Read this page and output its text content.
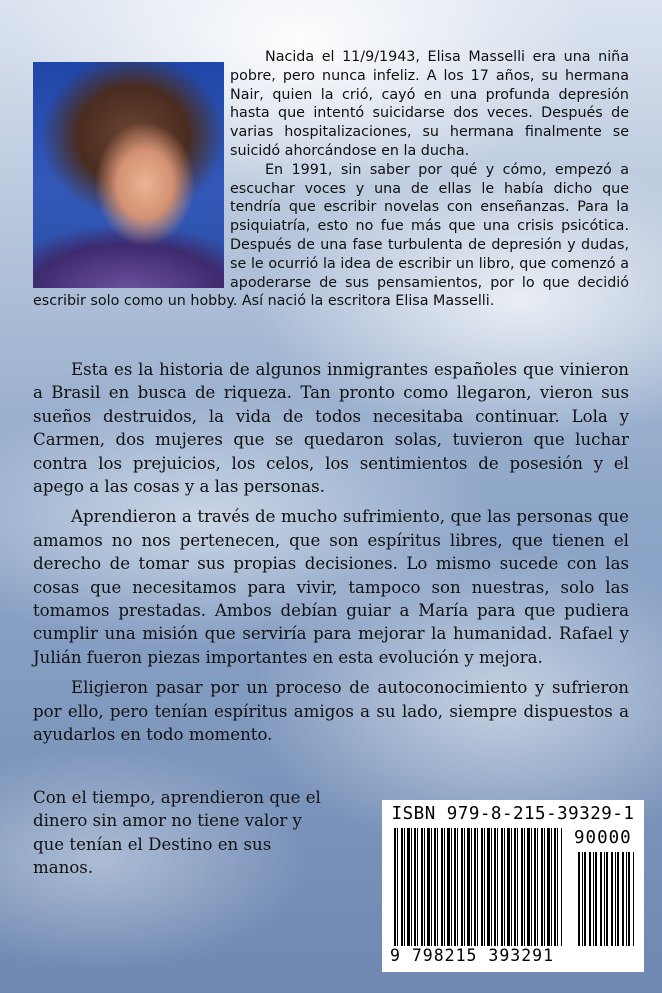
Nacida el 11/9/1943, Elisa Masselli era una niña pobre, pero nunca infeliz. A los 17 años, su hermana Nair, quien la crió, cayó en una profunda depresión hasta que intentó suicidarse dos veces. Después de varias hospitalizaciones, su hermana finalmente se suicidó ahorcándose en la ducha.

En 1991, sin saber por qué y cómo, empezó a escuchar voces y una de ellas le había dicho que tendría que escribir novelas con enseñanzas. Para la psiquiatría, esto no fue más que una crisis psicótica. Después de una fase turbulenta de depresión y dudas, se le ocurrió la idea de escribir un libro, que comenzó a apoderarse de sus pensamientos, por lo que decidió escribir solo como un hobby. Así nació la escritora Elisa Masselli.

Esta es la historia de algunos inmigrantes españoles que vinieron a Brasil en busca de riqueza. Tan pronto como llegaron, vieron sus sueños destruidos, la vida de todos necesitaba continuar. Lola y Carmen, dos mujeres que se quedaron solas, tuvieron que luchar contra los prejuicios, los celos, los sentimientos de posesión y el apego a las cosas y a las personas.

Aprendieron a través de mucho sufrimiento, que las personas que amamos no nos pertenecen, que son espíritus libres, que tienen el derecho de tomar sus propias decisiones. Lo mismo sucede con las cosas que necesitamos para vivir, tampoco son nuestras, solo las tomamos prestadas. Ambos debían guiar a María para que pudiera cumplir una misión que serviría para mejorar la humanidad. Rafael y Julián fueron piezas importantes en esta evolución y mejora.

Eligieron pasar por un proceso de autoconocimiento y sufrieron por ello, pero tenían espíritus amigos a su lado, siempre dispuestos a ayudarlos en todo momento.

Con el tiempo, aprendieron que el dinero sin amor no tiene valor y que tenían el Destino en sus manos.
ISBN 979-8-215-39329-1
90000
9 798215 393291
